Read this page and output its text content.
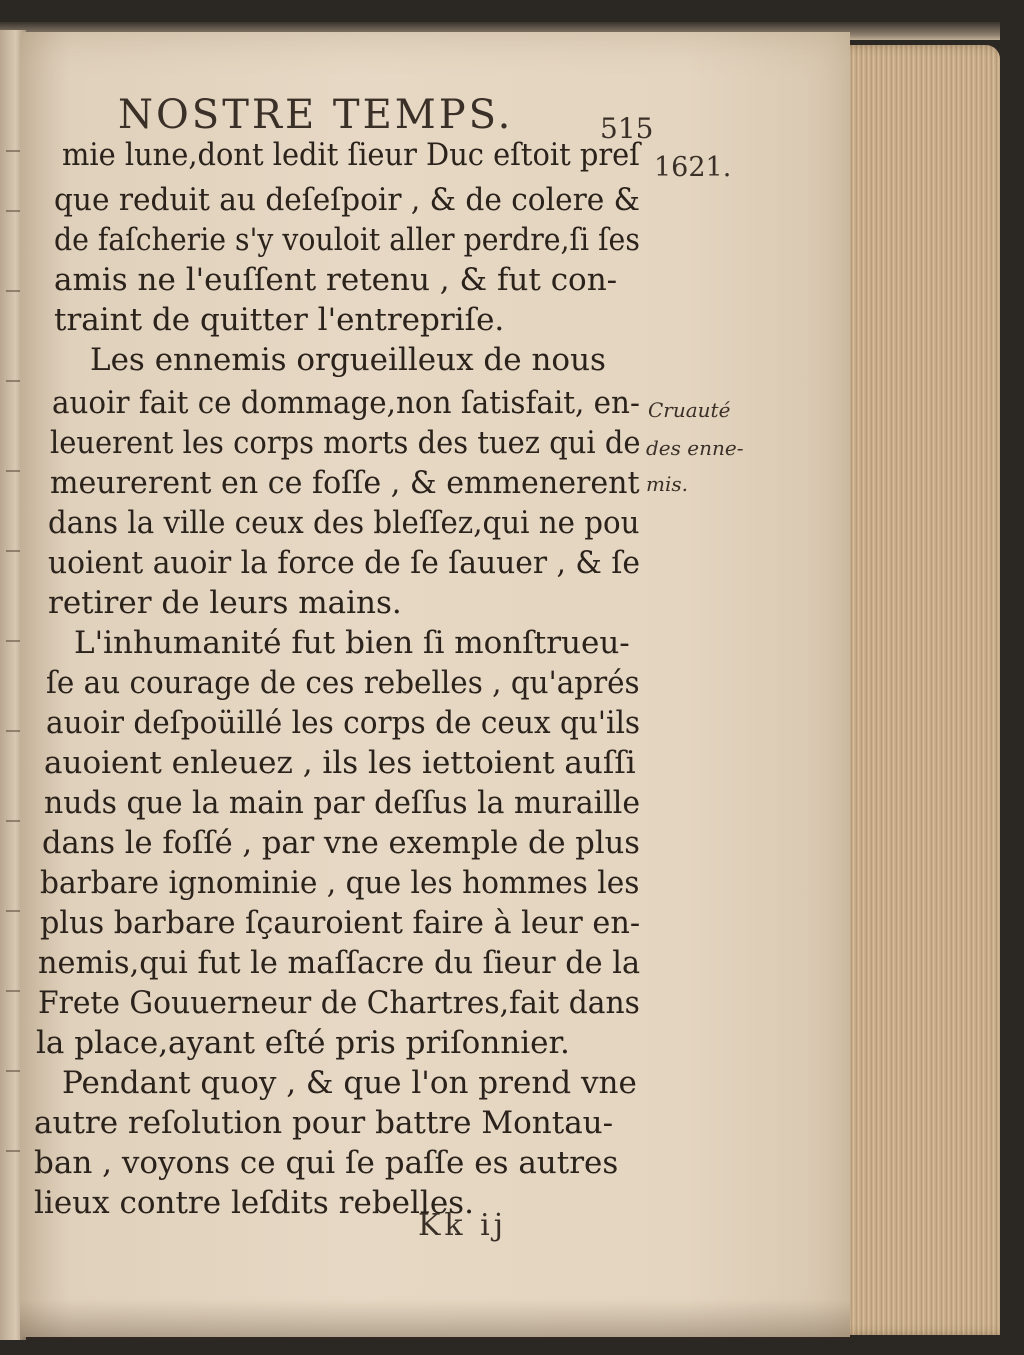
NOSTRE TEMPS.	515
1621.
mie lune,dont ledit ſieur Duc eſtoit preſ
que reduit au deſeſpoir , & de colere &
de faſcherie s'y vouloit aller perdre,ſi ſes
amis ne l'euſſent retenu , & fut con-
traint de quitter l'entrepriſe.
Les ennemis orgueilleux de nous
auoir fait ce dommage,non ſatisfait, en-
leuerent les corps morts des tuez qui de
meurerent en ce foſſe , & emmenerent
dans la ville ceux des bleſſez,qui ne pou
uoient auoir la force de ſe ſauuer , & ſe
retirer de leurs mains.
L'inhumanité fut bien ſi monſtrueu-
ſe au courage de ces rebelles , qu'aprés
auoir deſpoüillé les corps de ceux qu'ils
auoient enleuez , ils les iettoient auſſi
nuds que la main par deſſus la muraille
dans le foſſé , par vne exemple de plus
barbare ignominie , que les hommes les
plus barbare ſçauroient faire à leur en-
nemis,qui fut le maſſacre du ſieur de la
Frete Gouuerneur de Chartres,fait dans
la place,ayant eſté pris priſonnier.
Pendant quoy , & que l'on prend vne
autre reſolution pour battre Montau-
ban , voyons ce qui ſe paſſe es autres
lieux contre leſdits rebelles.
Cruauté
des enne-
mis.
Kk ij
